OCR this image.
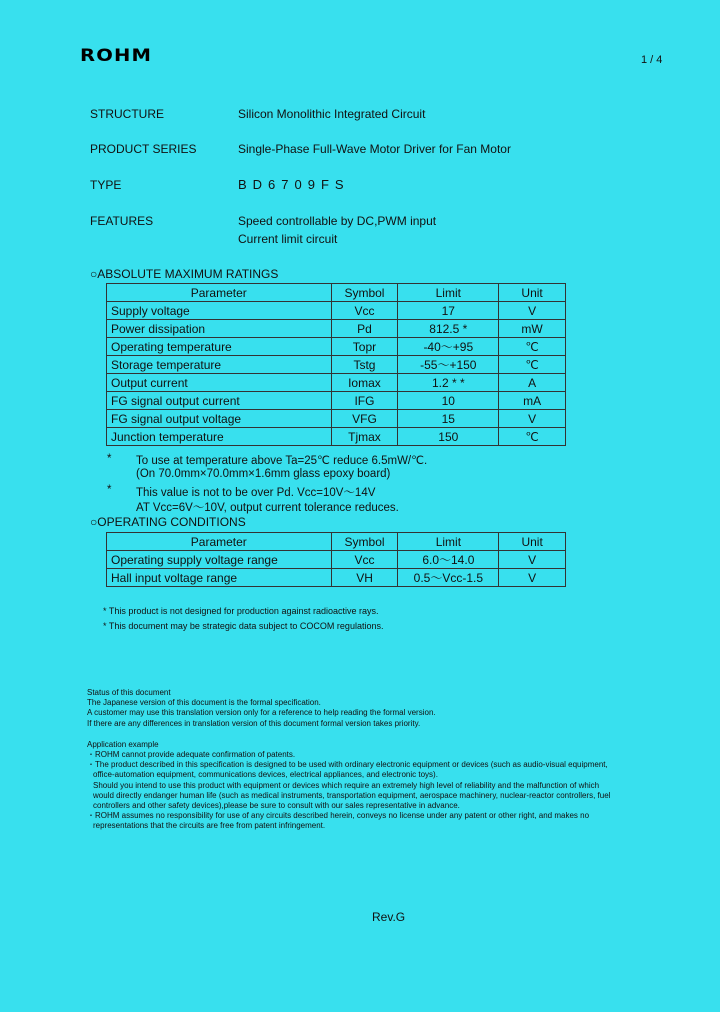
ROHM	1 / 4
STRUCTURE	Silicon Monolithic Integrated Circuit
PRODUCT SERIES	Single-Phase Full-Wave Motor Driver for Fan Motor
TYPE	BD6709FS
FEATURES	Speed controllable by DC,PWM input
Current limit circuit
○ABSOLUTE MAXIMUM RATINGS
Parameter	Symbol	Limit	Unit
Supply voltage	Vcc	17	V
Power dissipation	Pd	812.5 *	mW
Operating temperature	Topr	-40～+95	℃
Storage temperature	Tstg	-55～+150	℃
Output current	Iomax	1.2 * *	A
FG signal output current	IFG	10	mA
FG signal output voltage	VFG	15	V
Junction temperature	Tjmax	150	℃
* To use at temperature above Ta=25℃ reduce 6.5mW/℃.
(On 70.0mm×70.0mm×1.6mm glass epoxy board)
* This value is not to be over Pd. Vcc=10V～14V
AT Vcc=6V～10V, output current tolerance reduces.
○OPERATING CONDITIONS
Parameter	Symbol	Limit	Unit
Operating supply voltage range	Vcc	6.0～14.0	V
Hall input voltage range	VH	0.5～Vcc-1.5	V
* This product is not designed for production against radioactive rays.
* This document may be strategic data subject to COCOM regulations.
Status of this document
The Japanese version of this document is the formal specification.
A customer may use this translation version only for a reference to help reading the formal version.
If there are any differences in translation version of this document formal version takes priority.
Application example
・ROHM cannot provide adequate confirmation of patents.
・The product described in this specification is designed to be used with ordinary electronic equipment or devices (such as audio-visual equipment,
office-automation equipment, communications devices, electrical appliances, and electronic toys).
Should you intend to use this product with equipment or devices which require an extremely high level of reliability and the malfunction of which
would directly endanger human life (such as medical instruments, transportation equipment, aerospace machinery, nuclear-reactor controllers, fuel
controllers and other safety devices),please be sure to consult with our sales representative in advance.
・ROHM assumes no responsibility for use of any circuits described herein, conveys no license under any patent or other right, and makes no
representations that the circuits are free from patent infringement.
Rev.G
